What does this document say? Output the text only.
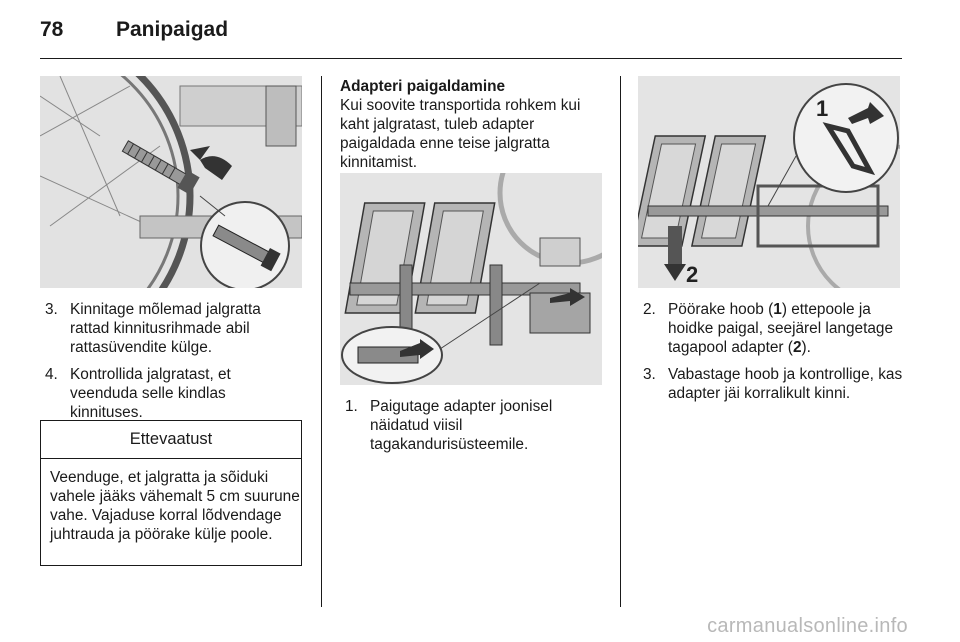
78	Panipaigad
3. Kinnitage mõlemad jalgratta rattad kinnitusrihmade abil rattasüvendite külge.
4. Kontrollida jalgratast, et veenduda selle kindlas kinnituses.
Ettevaatust
Veenduge, et jalgratta ja sõiduki vahele jääks vähemalt 5 cm suurune vahe. Vajaduse korral lõdvendage juhtrauda ja pöörake külje poole.
Adapteri paigaldamine
Kui soovite transportida rohkem kui kaht jalgratast, tuleb adapter paigaldada enne teise jalgratta kinnitamist.
1. Paigutage adapter joonisel näidatud viisil tagakandurisüsteemile.
2
1
2. Pöörake hoob (1) ettepoole ja hoidke paigal, seejärel langetage tagapool adapter (2).
3. Vabastage hoob ja kontrollige, kas adapter jäi korralikult kinni.
carmanualsonline.info
